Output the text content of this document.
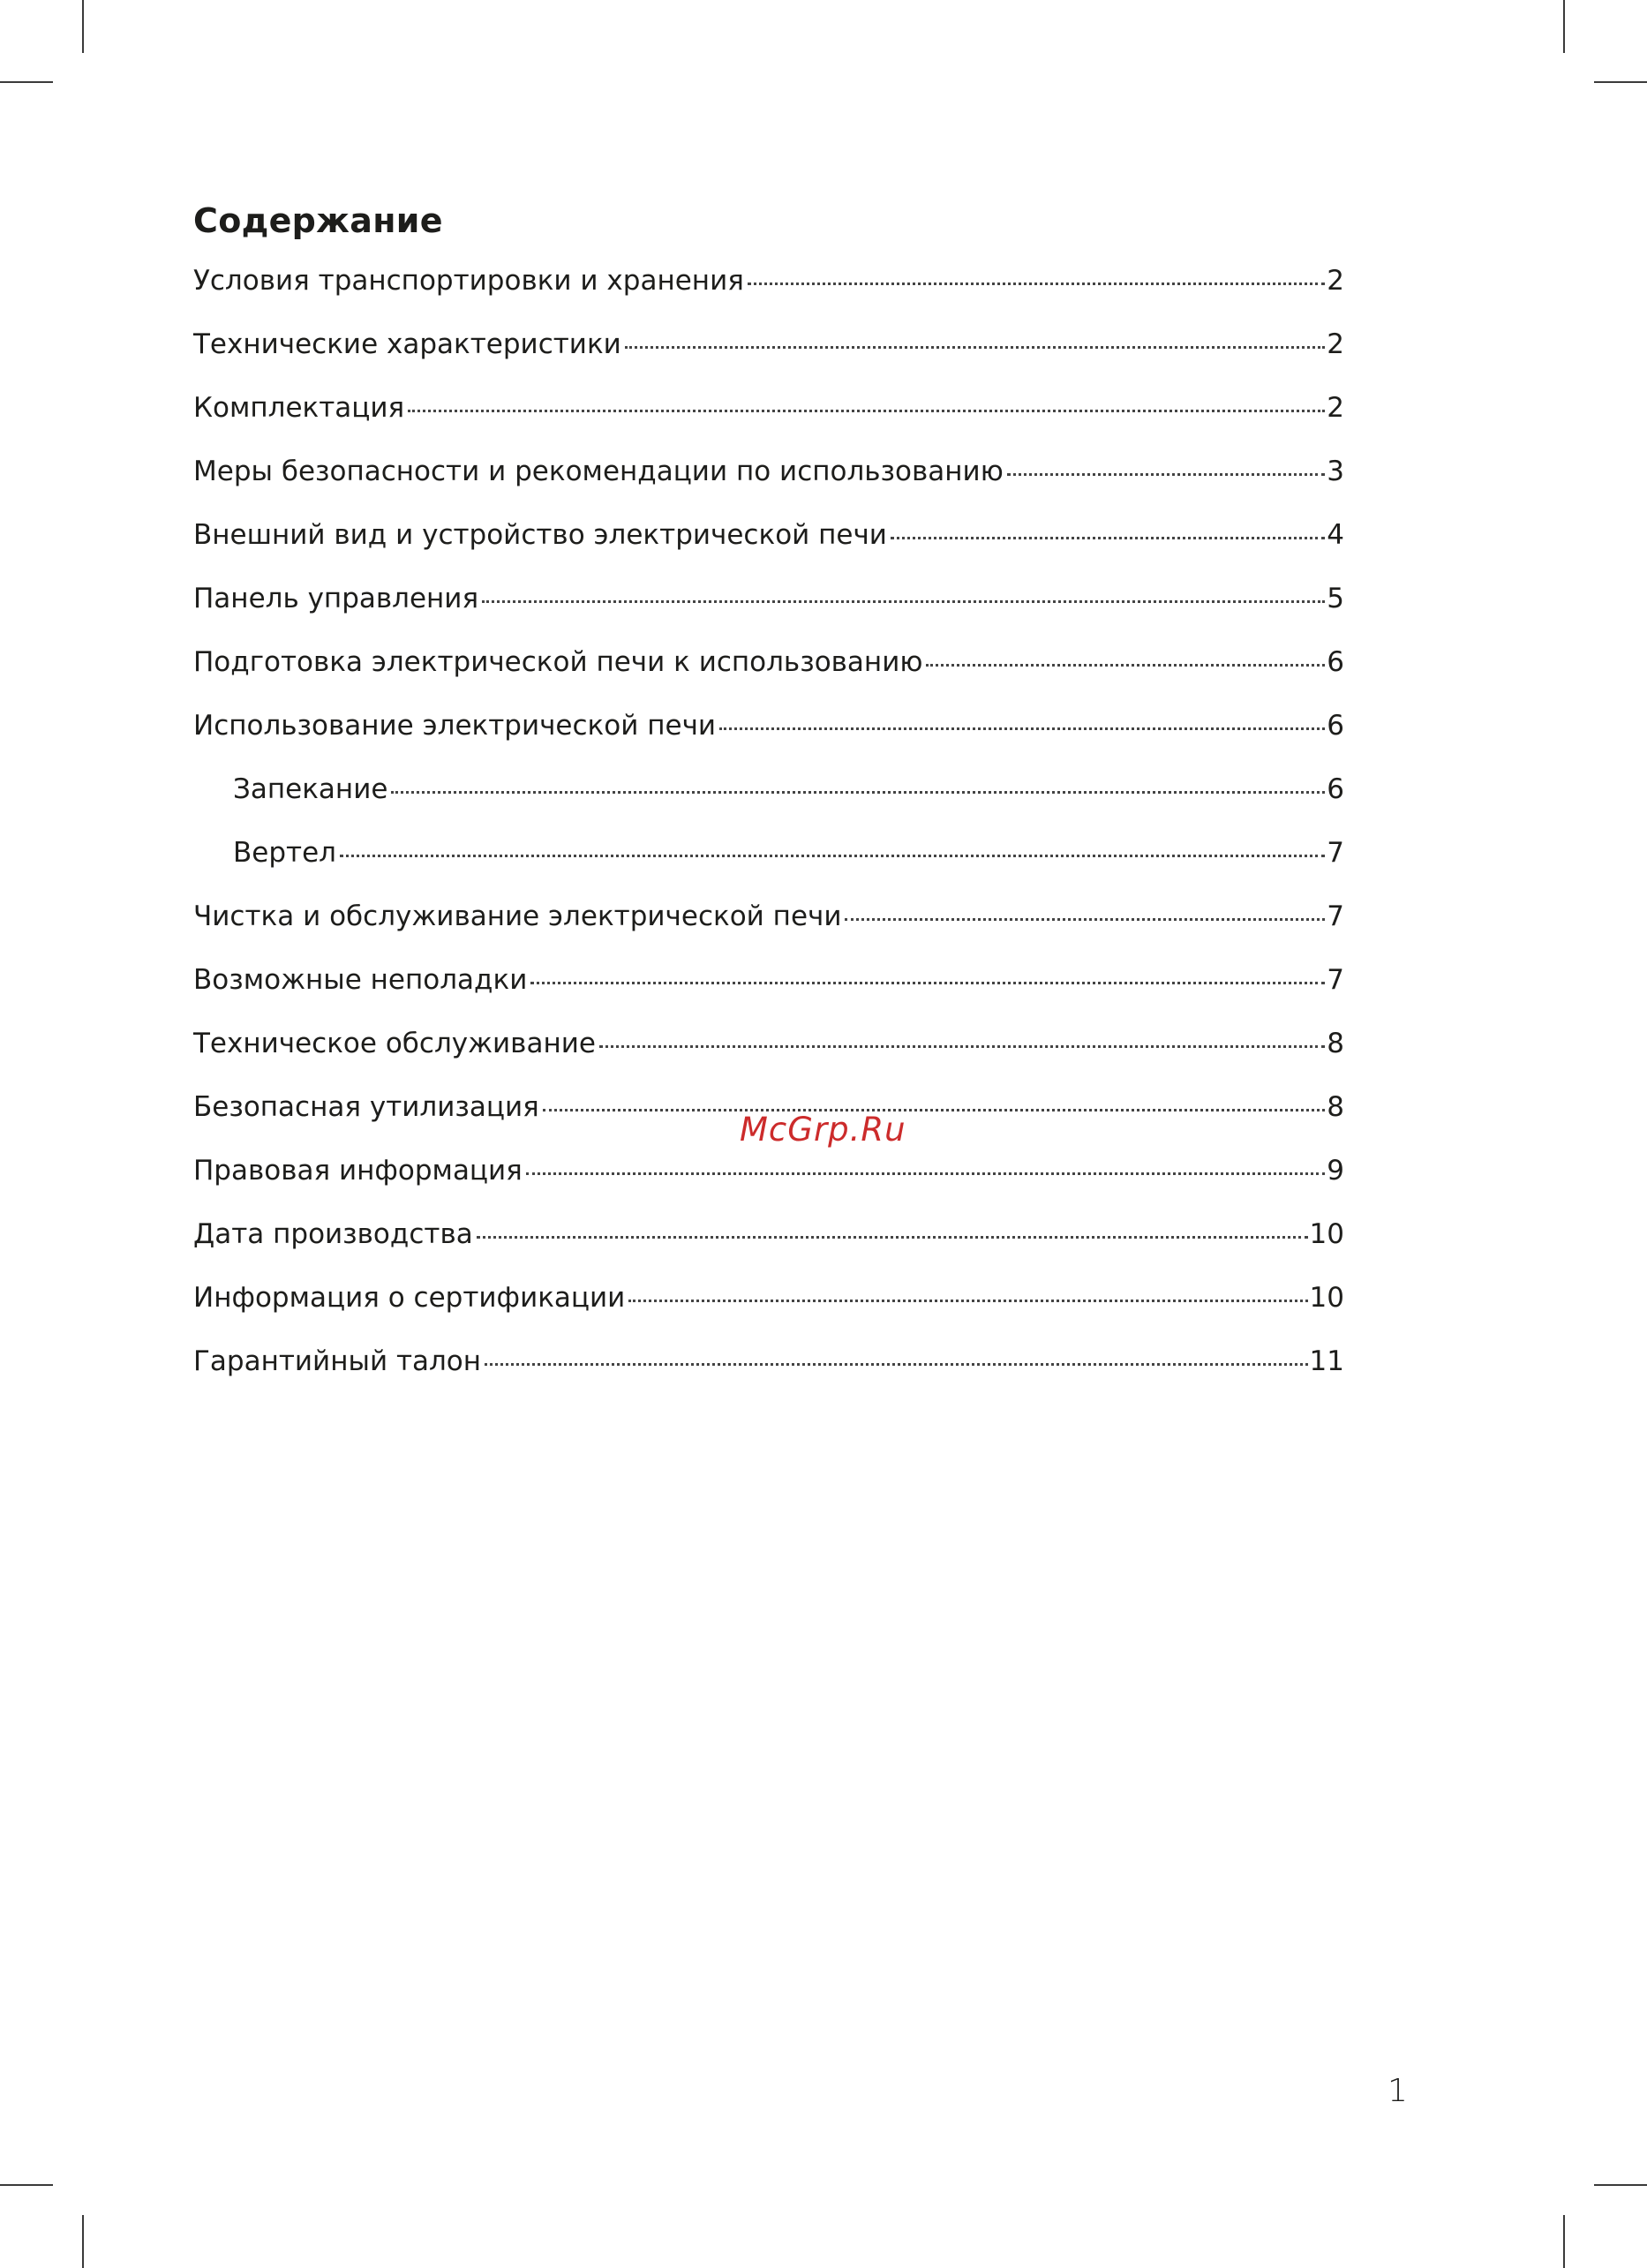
Содержание
Условия транспортировки и хранения	2
Технические характеристики	2
Комплектация	2
Меры безопасности и рекомендации по использованию	3
Внешний вид и устройство электрической печи	4
Панель управления	5
Подготовка электрической печи к использованию	6
Использование электрической печи	6
Запекание	6
Вертел	7
Чистка и обслуживание электрической печи	7
Возможные неполадки	7
Техническое обслуживание	8
Безопасная утилизация	8
Правовая информация	9
Дата производства	10
Информация о сертификации	10
Гарантийный талон	11
McGrp.Ru
1
